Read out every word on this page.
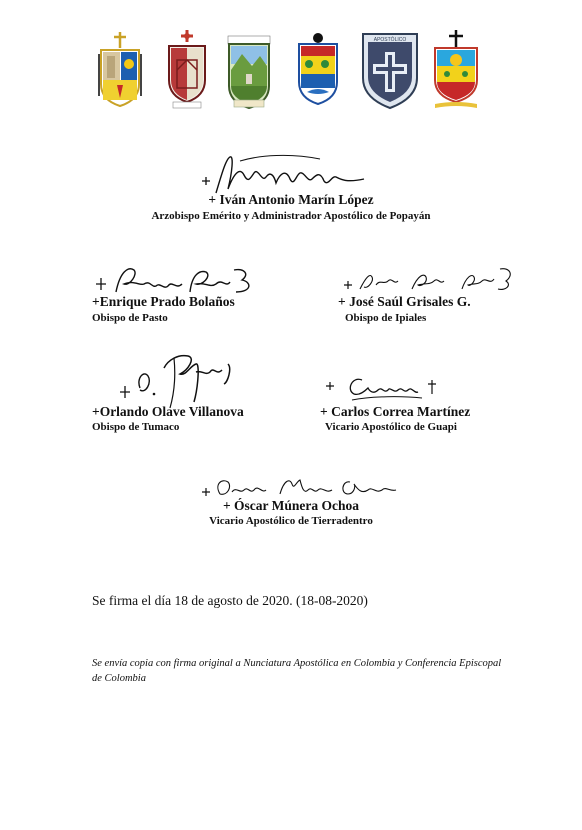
APOSTÓLICO
+ Iván Antonio Marín López
Arzobispo Emérito y Administrador Apostólico de Popayán
+Enrique Prado Bolaños
Obispo de Pasto
+ José Saúl Grisales G.
Obispo de Ipiales
+Orlando Olave Villanova
Obispo de Tumaco
+ Carlos Correa Martínez
Vicario Apostólico de Guapi
+ Óscar Múnera Ochoa
Vicario Apostólico de Tierradentro
Se firma el día 18 de agosto de 2020. (18-08-2020)
Se envía copia con firma original a Nunciatura Apostólica en Colombia y Conferencia Episcopal de Colombia
